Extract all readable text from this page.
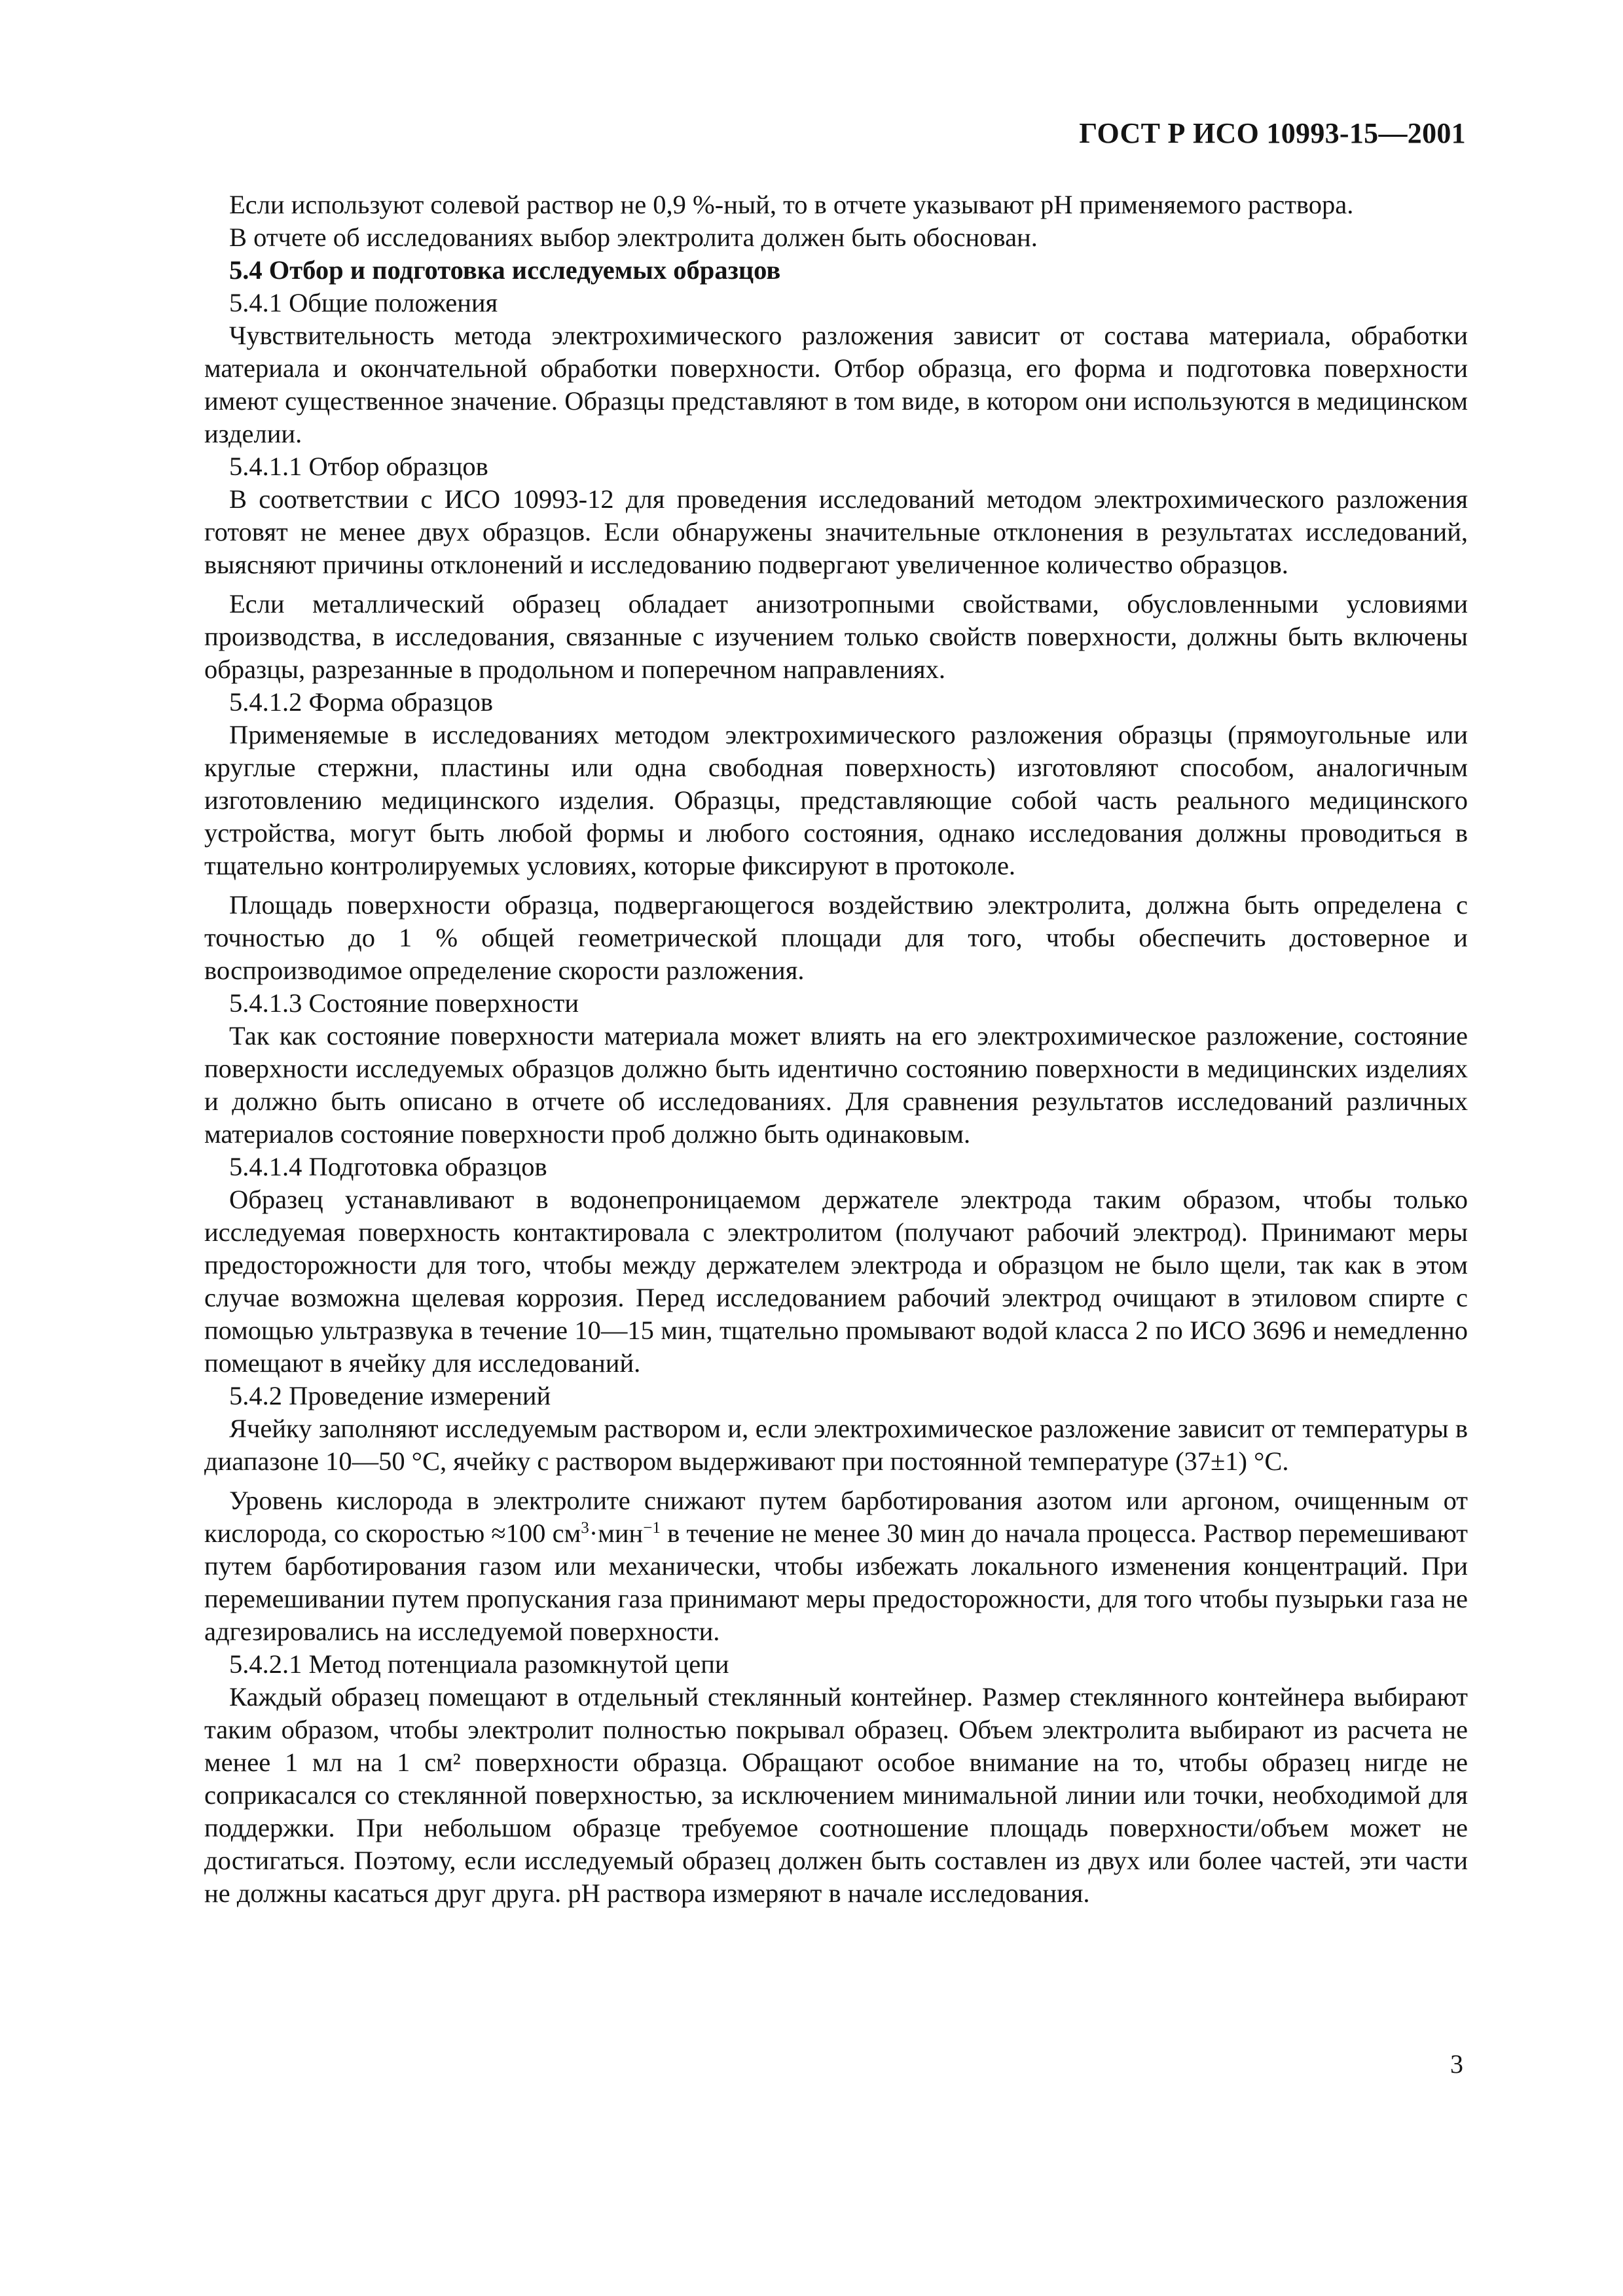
ГОСТ Р ИСО 10993-15—2001

Если используют солевой раствор не 0,9 %-ный, то в отчете указывают pH применяемого раствора.

В отчете об исследованиях выбор электролита должен быть обоснован.

5.4 Отбор и подготовка исследуемых образцов

5.4.1 Общие положения

Чувствительность метода электрохимического разложения зависит от состава материала, обработки материала и окончательной обработки поверхности. Отбор образца, его форма и подготовка поверхности имеют существенное значение. Образцы представляют в том виде, в котором они используются в медицинском изделии.

5.4.1.1 Отбор образцов

В соответствии с ИСО 10993-12 для проведения исследований методом электрохимического разложения готовят не менее двух образцов. Если обнаружены значительные отклонения в результатах исследований, выясняют причины отклонений и исследованию подвергают увеличенное количество образцов.

Если металлический образец обладает анизотропными свойствами, обусловленными условиями производства, в исследования, связанные с изучением только свойств поверхности, должны быть включены образцы, разрезанные в продольном и поперечном направлениях.

5.4.1.2 Форма образцов

Применяемые в исследованиях методом электрохимического разложения образцы (прямоугольные или круглые стержни, пластины или одна свободная поверхность) изготовляют способом, аналогичным изготовлению медицинского изделия. Образцы, представляющие собой часть реального медицинского устройства, могут быть любой формы и любого состояния, однако исследования должны проводиться в тщательно контролируемых условиях, которые фиксируют в протоколе.

Площадь поверхности образца, подвергающегося воздействию электролита, должна быть определена с точностью до 1 % общей геометрической площади для того, чтобы обеспечить достоверное и воспроизводимое определение скорости разложения.

5.4.1.3 Состояние поверхности

Так как состояние поверхности материала может влиять на его электрохимическое разложение, состояние поверхности исследуемых образцов должно быть идентично состоянию поверхности в медицинских изделиях и должно быть описано в отчете об исследованиях. Для сравнения результатов исследований различных материалов состояние поверхности проб должно быть одинаковым.

5.4.1.4 Подготовка образцов

Образец устанавливают в водонепроницаемом держателе электрода таким образом, чтобы только исследуемая поверхность контактировала с электролитом (получают рабочий электрод). Принимают меры предосторожности для того, чтобы между держателем электрода и образцом не было щели, так как в этом случае возможна щелевая коррозия. Перед исследованием рабочий электрод очищают в этиловом спирте с помощью ультразвука в течение 10—15 мин, тщательно промывают водой класса 2 по ИСО 3696 и немедленно помещают в ячейку для исследований.

5.4.2 Проведение измерений

Ячейку заполняют исследуемым раствором и, если электрохимическое разложение зависит от температуры в диапазоне 10—50 °С, ячейку с раствором выдерживают при постоянной температуре (37±1) °С.

Уровень кислорода в электролите снижают путем барботирования азотом или аргоном, очищенным от кислорода, со скоростью ≈100 $см^3\cdot мин^{-1}$ в течение не менее 30 мин до начала процесса. Раствор перемешивают путем барботирования газом или механически, чтобы избежать локального изменения концентраций. При перемешивании путем пропускания газа принимают меры предосторожности, для того чтобы пузырьки газа не адгезировались на исследуемой поверхности.

5.4.2.1 Метод потенциала разомкнутой цепи

Каждый образец помещают в отдельный стеклянный контейнер. Размер стеклянного контейнера выбирают таким образом, чтобы электролит полностью покрывал образец. Объем электролита выбирают из расчета не менее 1 мл на 1 см² поверхности образца. Обращают особое внимание на то, чтобы образец нигде не соприкасался со стеклянной поверхностью, за исключением минимальной линии или точки, необходимой для поддержки. При небольшом образце требуемое соотношение площадь поверхности/объем может не достигаться. Поэтому, если исследуемый образец должен быть составлен из двух или более частей, эти части не должны касаться друг друга. pH раствора измеряют в начале исследования.

3
